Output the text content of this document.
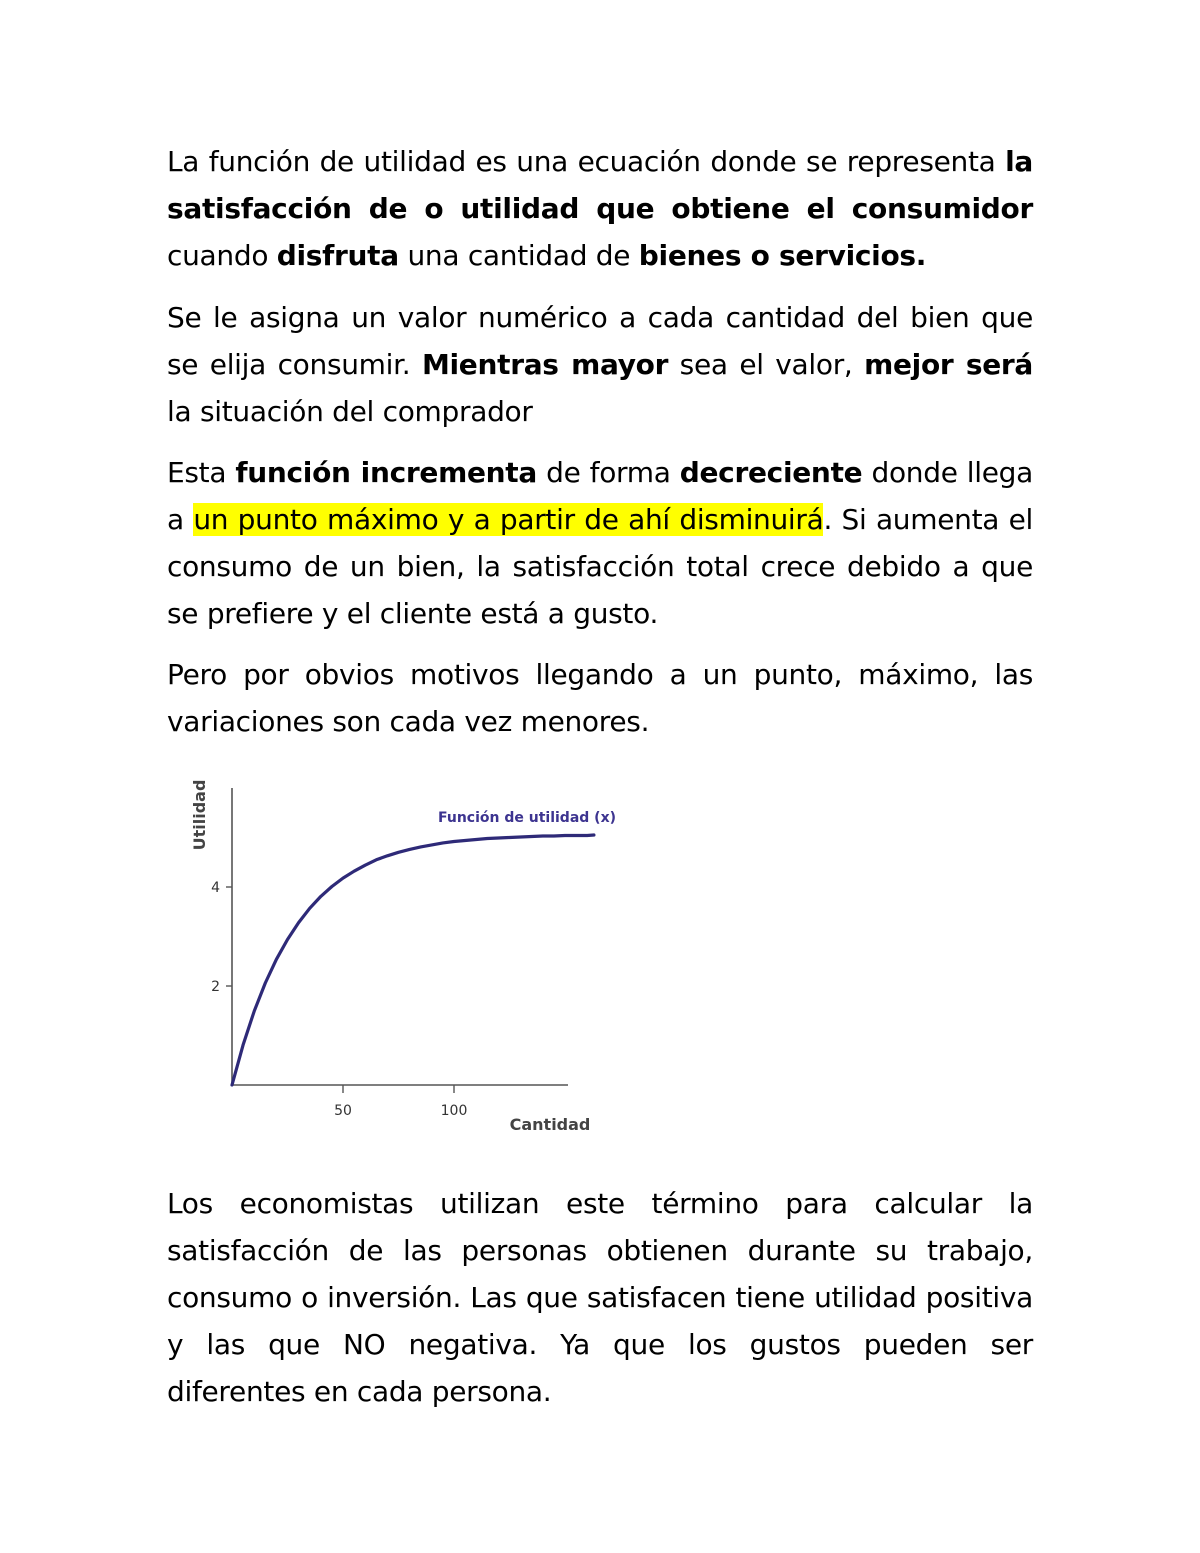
La función de utilidad es una ecuación donde se representa la satisfacción de o utilidad que obtiene el consumidor cuando disfruta una cantidad de bienes o servicios.

Se le asigna un valor numérico a cada cantidad del bien que se elija consumir. Mientras mayor sea el valor, mejor será la situación del comprador

Esta función incrementa de forma decreciente donde llega a un punto máximo y a partir de ahí disminuirá. Si aumenta el consumo de un bien, la satisfacción total crece debido a que se prefiere y el cliente está a gusto.

Pero por obvios motivos llegando a un punto, máximo, las variaciones son cada vez menores.

50	100
2
4
Función de utilidad (x)
Cantidad
Utilidad

Los economistas utilizan este término para calcular la satisfacción de las personas obtienen durante su trabajo, consumo o inversión. Las que satisfacen tiene utilidad positiva y las que NO negativa. Ya que los gustos pueden ser diferentes en cada persona.
